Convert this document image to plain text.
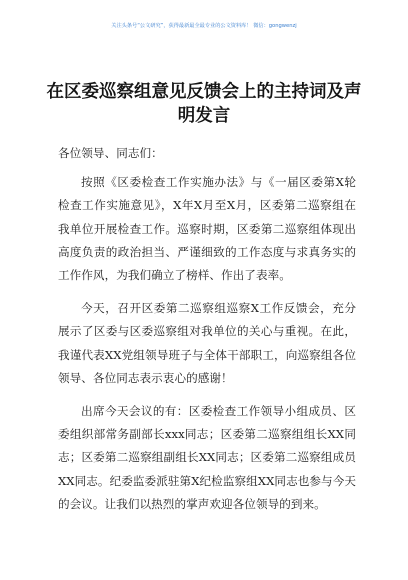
关注头条号“公文研究”，获得最新最全最专业的公文资料库！ 微信：gongwenzj
在区委巡察组意见反馈会上的主持词及声明发言

各位领导、同志们：

按照《区委检查工作实施办法》与《一届区委第X轮检查工作实施意见》，X年X月至X月，区委第二巡察组在我单位开展检查工作。巡察时期，区委第二巡察组体现出高度负责的政治担当、严谨细致的工作态度与求真务实的工作作风，为我们确立了榜样、作出了表率。

今天，召开区委第二巡察组巡察X工作反馈会，充分展示了区委与区委巡察组对我单位的关心与重视。在此，我谨代表XX党组领导班子与全体干部职工，向巡察组各位领导、各位同志表示衷心的感谢！

出席今天会议的有：区委检查工作领导小组成员、区委组织部常务副部长xxx同志；区委第二巡察组组长XX同志；区委第二巡察组副组长XX同志；区委第二巡察组成员XX同志。纪委监委派驻第X纪检监察组XX同志也参与今天的会议。让我们以热烈的掌声欢迎各位领导的到来。
